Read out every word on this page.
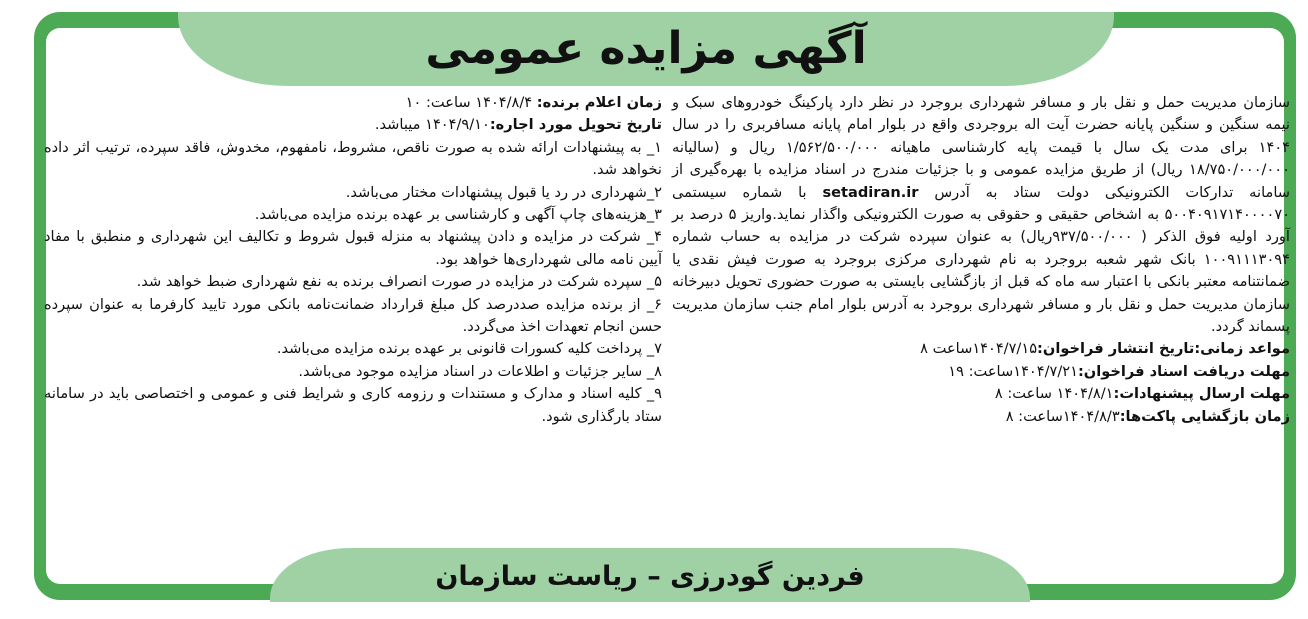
آگهی مزایده عمومی

سازمان مدیریت حمل و نقل بار و مسافر شهرداری بروجرد در نظر دارد پارکینگ خودروهای سبک و نیمه سنگین و سنگین پایانه حضرت آیت اله بروجردی واقع در بلوار امام پایانه مسافربری را در سال ۱۴۰۴ برای مدت یک سال با قیمت پایه کارشناسی ماهیانه ۱/۵۶۲/۵۰۰/۰۰۰ ریال و (سالیانه ۱۸/۷۵۰/۰۰۰/۰۰۰ ریال) از طریق مزایده عمومی و با جزئیات مندرج در اسناد مزایده با بهره‌گیری از سامانه تدارکات الکترونیکی دولت ستاد به آدرس setadiran.ir با شماره سیستمی ۵۰۰۴۰۹۱۷۱۴۰۰۰۰۷۰ به اشخاص حقیقی و حقوقی به صورت الکترونیکی واگذار نماید.واریز ۵ درصد بر آورد اولیه فوق الذکر ( ۹۳۷/۵۰۰/۰۰۰ریال) به عنوان سپرده شرکت در مزایده به حساب شماره ۱۰۰۹۱۱۱۳۰۹۴ بانک شهر شعبه بروجرد به نام شهرداری مرکزی بروجرد به صورت فیش نقدی یا ضمانتنامه معتبر بانکی با اعتبار سه ماه که قبل از بازگشایی بایستی به صورت حضوری تحویل دبیرخانه سازمان مدیریت حمل و نقل بار و مسافر شهرداری بروجرد به آدرس بلوار امام جنب سازمان مدیریت پسماند گردد.

مواعد زمانی:تاریخ انتشار فراخوان:۱۴۰۴/۷/۱۵ساعت ۸

مهلت دریافت اسناد فراخوان:۱۴۰۴/۷/۲۱ساعت: ۱۹

مهلت ارسال پیشنهادات:۱۴۰۴/۸/۱ ساعت: ۸

زمان بازگشایی پاکت‌ها:۱۴۰۴/۸/۳ساعت: ۸

زمان اعلام برنده: ۱۴۰۴/۸/۴ ساعت: ۱۰

تاریخ تحویل مورد اجاره:۱۴۰۴/۹/۱۰ میباشد.

۱_ به پیشنهادات ارائه شده به صورت ناقص، مشروط، نامفهوم، مخدوش، فاقد سپرده، ترتیب اثر داده نخواهد شد.

۲_شهرداری در رد یا قبول پیشنهادات مختار می‌باشد.

۳_هزینه‌های چاپ آگهی و کارشناسی بر عهده برنده مزایده می‌باشد.

۴_ شرکت در مزایده و دادن پیشنهاد به منزله قبول شروط و تکالیف این شهرداری و منطبق با مفاد آیین نامه مالی شهرداری‌ها خواهد بود.

۵_ سپرده شرکت در مزایده در صورت انصراف برنده به نفع شهرداری ضبط خواهد شد.

۶_ از برنده مزایده صددرصد کل مبلغ قرارداد ضمانت‌نامه بانکی مورد تایید کارفرما به عنوان سپرده حسن انجام تعهدات اخذ می‌گردد.

۷_ پرداخت کلیه کسورات قانونی بر عهده برنده مزایده می‌باشد.

۸_ سایر جزئیات و اطلاعات در اسناد مزایده موجود می‌باشد.

۹_ کلیه اسناد و مدارک و مستندات و رزومه کاری و شرایط فنی و عمومی و اختصاصی باید در سامانه ستاد بارگذاری شود.

فردین گودرزی – ریاست سازمان
